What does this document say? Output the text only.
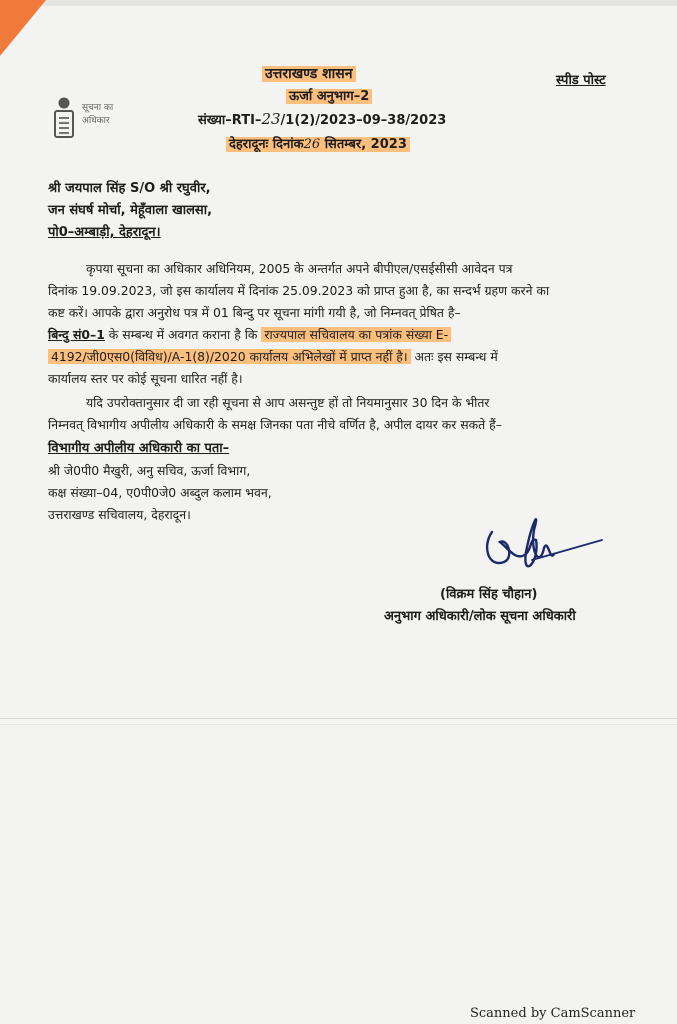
सूचना का
अधिकार
उत्तराखण्ड शासन
ऊर्जा अनुभाग–2
स्पीड पोस्ट
संख्या–RTI–23/1(2)/2023–09–38/2023
देहरादूनः दिनांक26 सितम्बर, 2023
श्री जयपाल सिंह S/O श्री रघुवीर,
जन संघर्ष मोर्चा, मेहूँवाला खालसा,
पो0–अम्बाड़ी, देहरादून।
कृपया सूचना का अधिकार अधिनियम, 2005 के अन्तर्गत अपने बीपीएल/एसईसीसी आवेदन पत्र
दिनांक 19.09.2023, जो इस कार्यालय में दिनांक 25.09.2023 को प्राप्त हुआ है, का सन्दर्भ ग्रहण करने का
कष्ट करें। आपके द्वारा अनुरोध पत्र में 01 बिन्दु पर सूचना मांगी गयी है, जो निम्नवत् प्रेषित है–
बिन्दु सं0–1 के सम्बन्ध में अवगत कराना है कि राज्यपाल सचिवालय का पत्रांक संख्या E-
4192/जी0एस0(विविध)/A-1(8)/2020 कार्यालय अभिलेखों में प्राप्त नहीं है। अतः इस सम्बन्ध में
कार्यालय स्तर पर कोई सूचना धारित नहीं है।
यदि उपरोक्तानुसार दी जा रही सूचना से आप असन्तुष्ट हों तो नियमानुसार 30 दिन के भीतर
निम्नवत् विभागीय अपीलीय अधिकारी के समक्ष जिनका पता नीचे वर्णित है, अपील दायर कर सकते हैं–
विभागीय अपीलीय अधिकारी का पता–
श्री जे0पी0 मैखुरी, अनु सचिव, ऊर्जा विभाग,
कक्ष संख्या–04, ए0पी0जे0 अब्दुल कलाम भवन,
उत्तराखण्ड सचिवालय, देहरादून।
(विक्रम सिंह चौहान)
अनुभाग अधिकारी/लोक सूचना अधिकारी
Scanned by CamScanner
